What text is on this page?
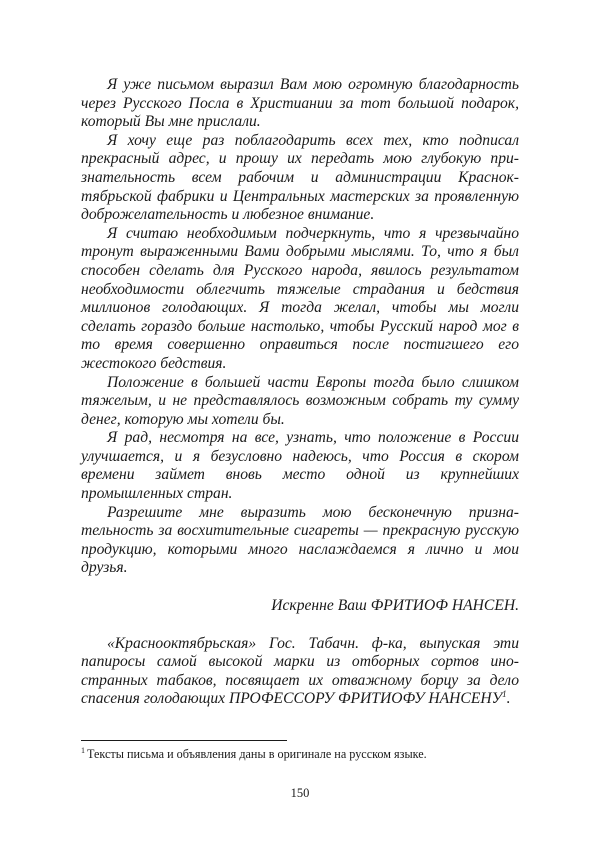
Я уже письмом выразил Вам мою огромную благодарность через Русского Посла в Христиании за тот большой подарок, который Вы мне прислали.

Я хочу еще раз поблагодарить всех тех, кто подписал прекрасный адрес, и прошу их передать мою глубокую признательность всем рабочим и администрации Красноктябрьской фабрики и Центральных мастерских за проявленную доброжелательность и любезное внимание.

Я считаю необходимым подчеркнуть, что я чрезвычайно тронут выраженными Вами добрыми мыслями. То, что я был способен сделать для Русского народа, явилось результатом необходимости облегчить тяжелые страдания и бедствия миллионов голодающих. Я тогда желал, чтобы мы могли сделать гораздо больше настолько, чтобы Русский народ мог в то время совершенно оправиться после постигшего его жестокого бедствия.

Положение в большей части Европы тогда было слишком тяжелым, и не представлялось возможным собрать ту сумму денег, которую мы хотели бы.

Я рад, несмотря на все, узнать, что положение в России улучшается, и я безусловно надеюсь, что Россия в скором времени займет вновь место одной из крупнейших промышленных стран.

Разрешите мне выразить мою бесконечную признательность за восхитительные сигареты — прекрасную русскую продукцию, которыми много наслаждаемся я лично и мои друзья.

Искренне Ваш ФРИТИОФ НАНСЕН.

«Краснооктябрьская» Гос. Табачн. ф-ка, выпуская эти папиросы самой высокой марки из отборных сортов иностранных табаков, посвящает их отважному борцу за дело спасения голодающих ПРОФЕССОРУ ФРИТИОФУ НАНСЕНУ$^1$.

$^1$ Тексты письма и объявления даны в оригинале на русском языке.
150
